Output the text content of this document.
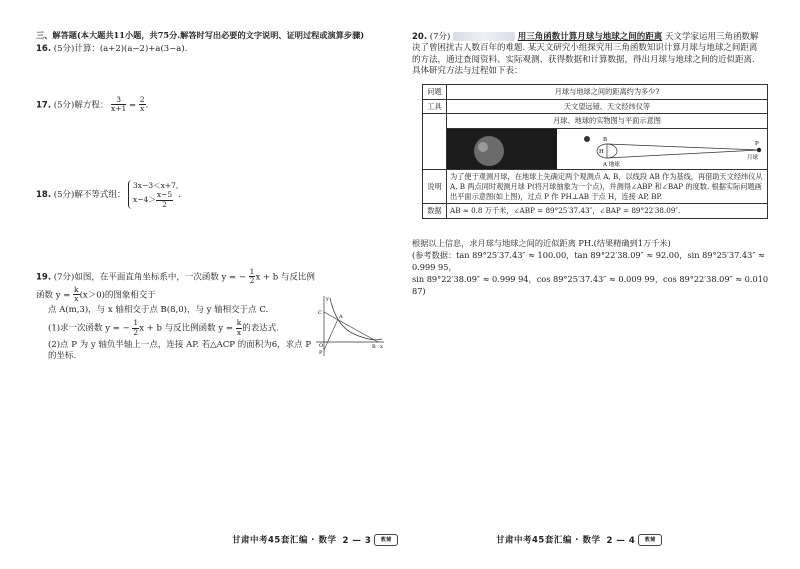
三、解答题(本大题共11小题，共75分.解答时写出必要的文字说明、证明过程或演算步骤)
16. (5分)计算：(a+2)(a−2)+a(3−a).
17. (5分)解方程： $\frac{3}{x+1} = \frac{2}{x}$ .
18. (5分)解不等式组：
3x−3＜x+7,
$x-4> \frac{x-5}{2}$ .
19. (7分)如图，在平面直角坐标系中，一次函数 y = − $\frac{1}{2}$ x + b 与反比例函数 $y = \frac{k}{x} (x>0)$的图象相交于
点 A(m,3)，与 x 轴相交于点 B(8,0)，与 y 轴相交于点 C.
(1)求一次函数 y = − $\frac{1}{2}$ x + b 与反比例函数 $y = \frac{k}{x}$ 的表达式.
(2)点 P 为 y 轴负半轴上一点，连接 AP. 若△ACP 的面积为6，求点 P 的坐标.
y
x
A
B
C
O
P
甘肃中考45套汇编 · 数学 2 — 3 教辅
20. (7分)	用三角函数计算月球与地球之间的距离 天文学家运用三角函数解决了曾困扰古人数百年的难题. 某天文研究小组探究用三角函数知识计算月球与地球之间距离的方法，通过查阅资料、实际观测、获得数据和计算数据，得出月球与地球之间的近似距离. 具体研究方法与过程如下表：
问题	月球与地球之间的距离约为多少?
工具	天文望远镜、天文经纬仪等
	月球、地球的实物图与平面示意图

B
H
A 地球
P
月球

说明	为了便于观测月球，在地球上先确定两个观测点 A, B，以线段 AB 作为基线，再借助天文经纬仪从 A, B 两点同时观测月球 P(将月球抽象为一个点)，并测得∠ABP 和∠BAP 的度数. 根据实际问题画出平面示意图(如上图)，过点 P 作 PH⊥AB 于点 H，连接 AP, BP.
数据	AB ≈ 0.8 万千米，∠ABP = 89°25′37.43″，∠BAP = 89°22′38.09″.
根据以上信息，求月球与地球之间的近似距离 PH.(结果精确到1万千米)
(参考数据：tan 89°25′37.43″ ≈ 100.00，tan 89°22′38.09″ ≈ 92.00，sin 89°25′37.43″ ≈ 0.999 95，
sin 89°22′38.09″ ≈ 0.999 94，cos 89°25′37.43″ ≈ 0.009 99，cos 89°22′38.09″ ≈ 0.010 87)
甘肃中考45套汇编 · 数学 2 — 4 教辅
